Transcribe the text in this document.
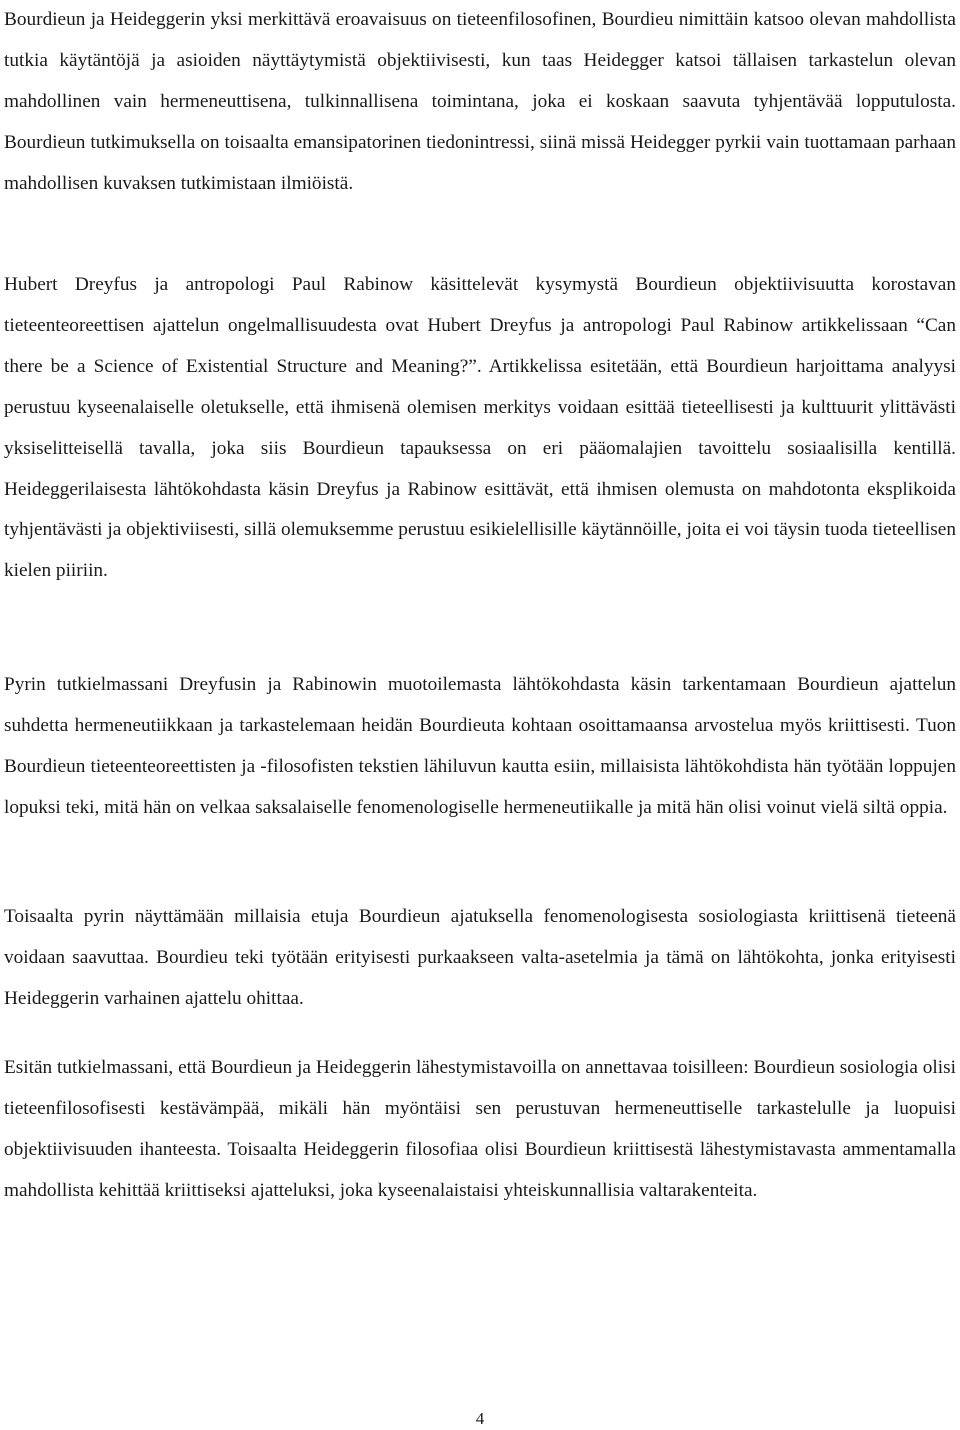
Bourdieun ja Heideggerin yksi merkittävä eroavaisuus on tieteenfilosofinen, Bourdieu nimittäin katsoo olevan mahdollista tutkia käytäntöjä ja asioiden näyttäytymistä objektiivisesti, kun taas Heidegger katsoi tällaisen tarkastelun olevan mahdollinen vain hermeneuttisena, tulkinnallisena toimintana, joka ei koskaan saavuta tyhjentävää lopputulosta. Bourdieun tutkimuksella on toisaalta emansipatorinen tiedonintressi, siinä missä Heidegger pyrkii vain tuottamaan parhaan mahdollisen kuvaksen tutkimistaan ilmiöistä.

Hubert Dreyfus ja antropologi Paul Rabinow käsittelevät kysymystä Bourdieun objektiivisuutta korostavan tieteenteoreettisen ajattelun ongelmallisuudesta ovat Hubert Dreyfus ja antropologi Paul Rabinow artikkelissaan “Can there be a Science of Existential Structure and Meaning?”. Artikkelissa esitetään, että Bourdieun harjoittama analyysi perustuu kyseenalaiselle oletukselle, että ihmisenä olemisen merkitys voidaan esittää tieteellisesti ja kulttuurit ylittävästi yksiselitteisellä tavalla, joka siis Bourdieun tapauksessa on eri pääomalajien tavoittelu sosiaalisilla kentillä. Heideggerilaisesta lähtökohdasta käsin Dreyfus ja Rabinow esittävät, että ihmisen olemusta on mahdotonta eksplikoida tyhjentävästi ja objektiviisesti, sillä olemuksemme perustuu esikielellisille käytännöille, joita ei voi täysin tuoda tieteellisen kielen piiriin.

Pyrin tutkielmassani Dreyfusin ja Rabinowin muotoilemasta lähtökohdasta käsin tarkentamaan Bourdieun ajattelun suhdetta hermeneutiikkaan ja tarkastelemaan heidän Bourdieuta kohtaan osoittamaansa arvostelua myös kriittisesti. Tuon Bourdieun tieteenteoreettisten ja -filosofisten tekstien lähiluvun kautta esiin, millaisista lähtökohdista hän työtään loppujen lopuksi teki, mitä hän on velkaa saksalaiselle fenomenologiselle hermeneutiikalle ja mitä hän olisi voinut vielä siltä oppia.

Toisaalta pyrin näyttämään millaisia etuja Bourdieun ajatuksella fenomenologisesta sosiologiasta kriittisenä tieteenä voidaan saavuttaa. Bourdieu teki työtään erityisesti purkaakseen valta-asetelmia ja tämä on lähtökohta, jonka erityisesti Heideggerin varhainen ajattelu ohittaa.

Esitän tutkielmassani, että Bourdieun ja Heideggerin lähestymistavoilla on annettavaa toisilleen: Bourdieun sosiologia olisi tieteenfilosofisesti kestävämpää, mikäli hän myöntäisi sen perustuvan hermeneuttiselle tarkastelulle ja luopuisi objektiivisuuden ihanteesta. Toisaalta Heideggerin filosofiaa olisi Bourdieun kriittisestä lähestymistavasta ammentamalla mahdollista kehittää kriittiseksi ajatteluksi, joka kyseenalaistaisi yhteiskunnallisia valtarakenteita.

4
